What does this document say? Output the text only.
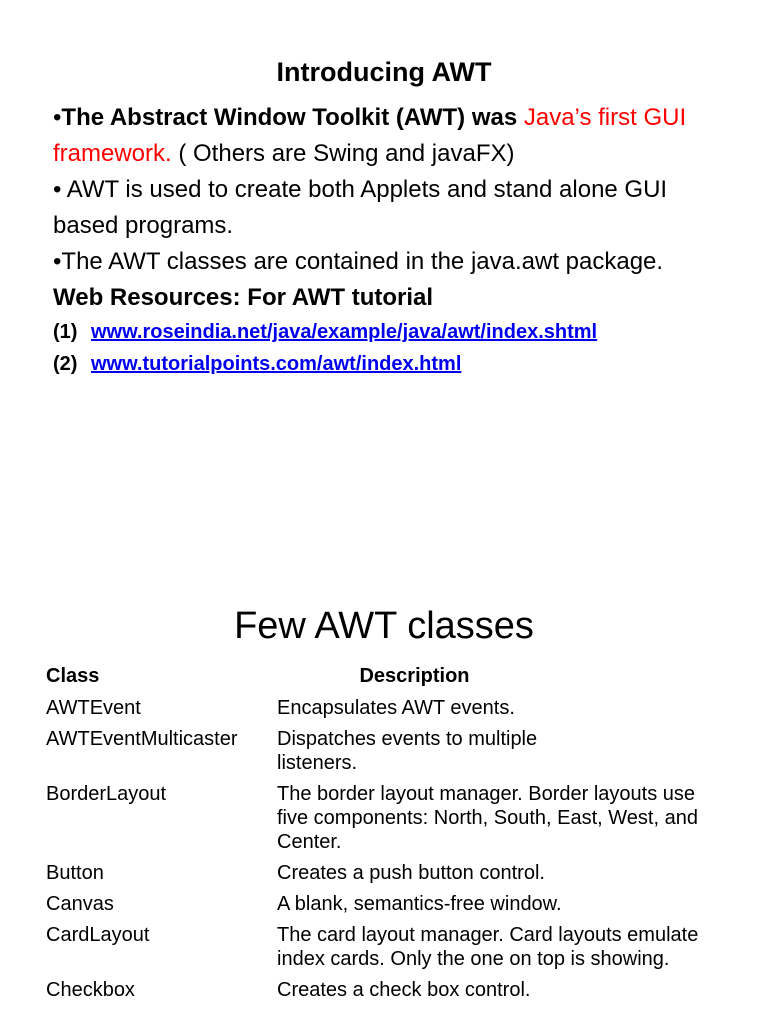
Introducing AWT

•The Abstract Window Toolkit (AWT) was Java’s first GUI framework. ( Others are Swing and javaFX)

• AWT is used to create both Applets and stand alone GUI based programs.

•The AWT classes are contained in the java.awt package.

Web Resources: For AWT tutorial

(1) www.roseindia.net/java/example/java/awt/index.shtml

(2) www.tutorialpoints.com/awt/index.html

Few AWT classes
Class	Description
AWTEvent	Encapsulates AWT events.
AWTEventMulticaster	Dispatches events to multiple listeners.
BorderLayout	The border layout manager. Border layouts use five components: North, South, East, West, and Center.
Button	Creates a push button control.
Canvas	A blank, semantics-free window.
CardLayout	The card layout manager. Card layouts emulate index cards. Only the one on top is showing.
Checkbox	Creates a check box control.
